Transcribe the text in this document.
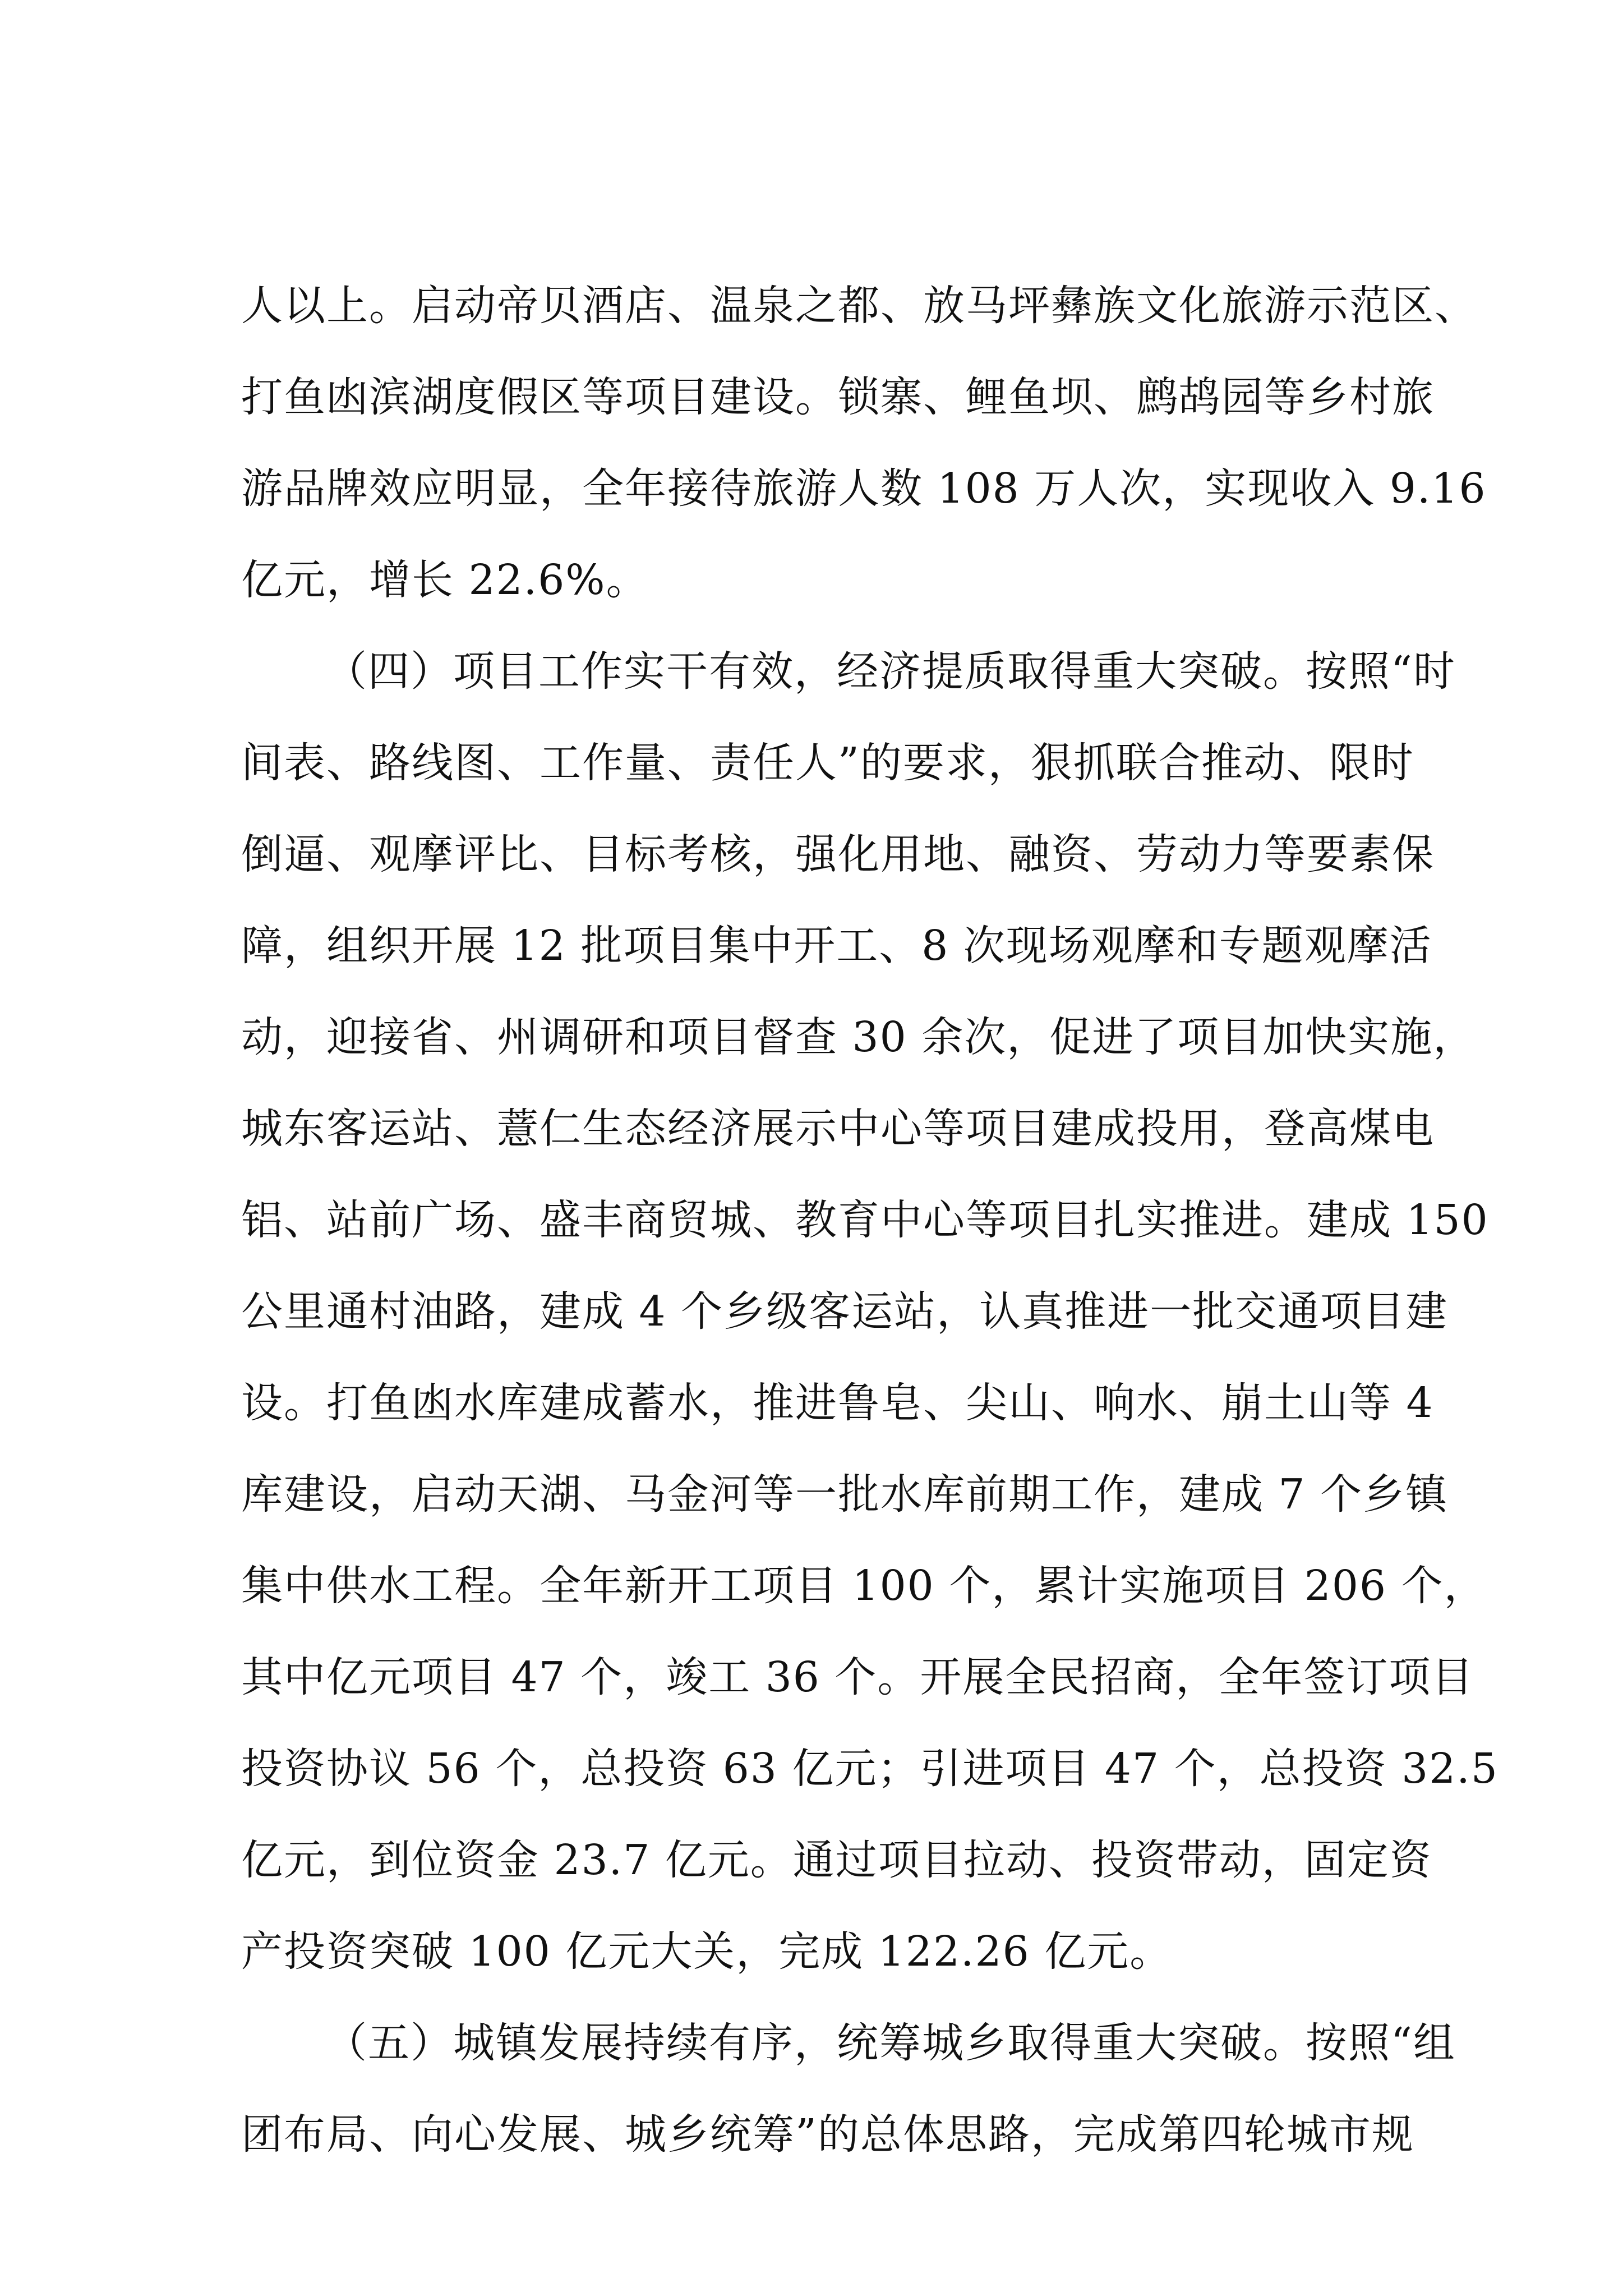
人以上。启动帝贝酒店、温泉之都、放马坪彝族文化旅游示范区、
打鱼凼滨湖度假区等项目建设。锁寨、鲤鱼坝、鹧鸪园等乡村旅
游品牌效应明显，全年接待旅游人数 108 万人次，实现收入 9.16
亿元，增长 22.6%。
（四）项目工作实干有效，经济提质取得重大突破。按照“时
间表、路线图、工作量、责任人”的要求，狠抓联合推动、限时
倒逼、观摩评比、目标考核，强化用地、融资、劳动力等要素保
障，组织开展 12 批项目集中开工、8 次现场观摩和专题观摩活
动，迎接省、州调研和项目督查 30 余次，促进了项目加快实施，
城东客运站、薏仁生态经济展示中心等项目建成投用，登高煤电
铝、站前广场、盛丰商贸城、教育中心等项目扎实推进。建成 150
公里通村油路，建成 4 个乡级客运站，认真推进一批交通项目建
设。打鱼凼水库建成蓄水，推进鲁皂、尖山、响水、崩土山等 4
库建设，启动天湖、马金河等一批水库前期工作，建成 7 个乡镇
集中供水工程。全年新开工项目 100 个，累计实施项目 206 个，
其中亿元项目 47 个，竣工 36 个。开展全民招商，全年签订项目
投资协议 56 个，总投资 63 亿元；引进项目 47 个，总投资 32.5
亿元，到位资金 23.7 亿元。通过项目拉动、投资带动，固定资
产投资突破 100 亿元大关，完成 122.26 亿元。
（五）城镇发展持续有序，统筹城乡取得重大突破。按照“组
团布局、向心发展、城乡统筹”的总体思路，完成第四轮城市规
